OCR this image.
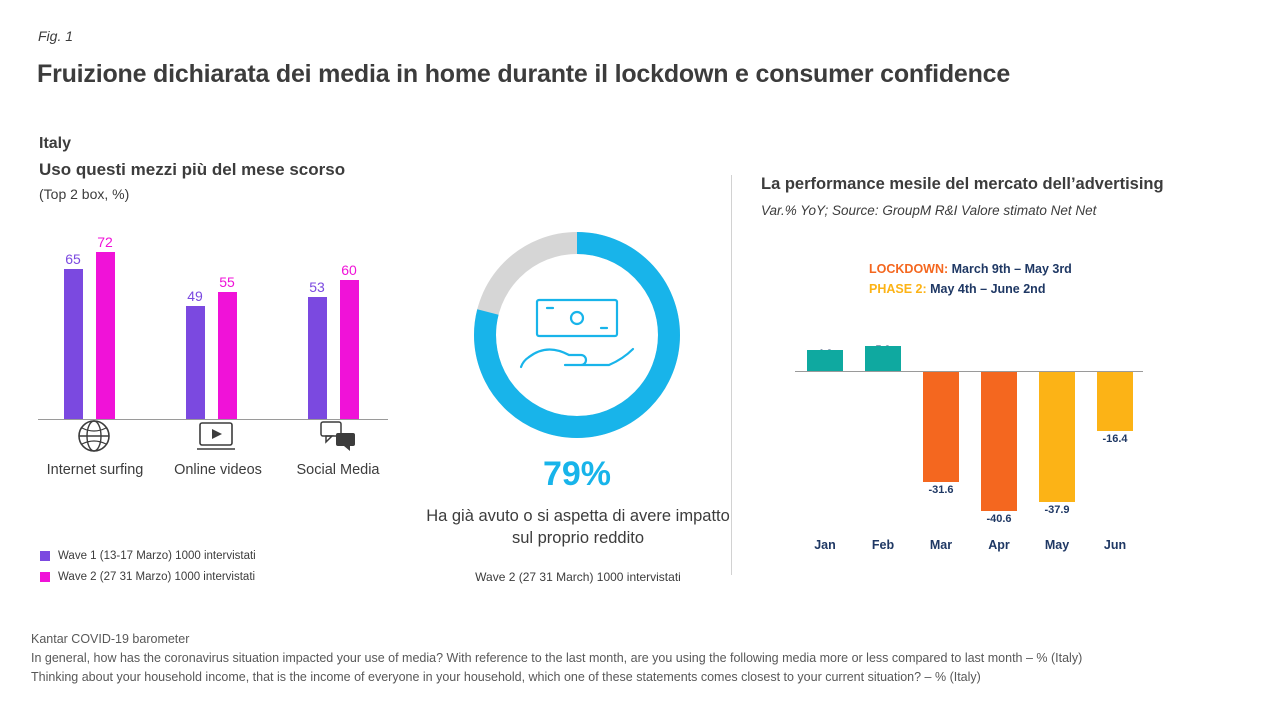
Fig. 1
Fruizione dichiarata dei media in home durante il lockdown e consumer confidence
Italy
Uso questi mezzi più del mese scorso
(Top 2 box, %)
65
72
49
55	53
60
Internet surfing	Online videos	Social Media
Wave 1 (13-17 Marzo) 1000 intervistati
Wave 2 (27 31 Marzo) 1000 intervistati
79%
Ha già avuto o si aspetta di avere impatto sul proprio reddito
Wave 2 (27 31 March) 1000 intervistati
La performance mesile del mercato dell’advertising
Var.% YoY; Source: GroupM R&I Valore stimato Net Net
LOCKDOWN: March 9th – May 3rd
PHASE 2: May 4th – June 2nd
Jan	Feb
-31.6
Mar
-40.6
Apr
-37.9
May
-16.4
Jun
Kantar COVID-19 barometer
In general, how has the coronavirus situation impacted your use of media? With reference to the last month, are you using the following media more or less compared to last month – % (Italy)
Thinking about your household income, that is the income of everyone in your household, which one of these statements comes closest to your current situation? – % (Italy)
